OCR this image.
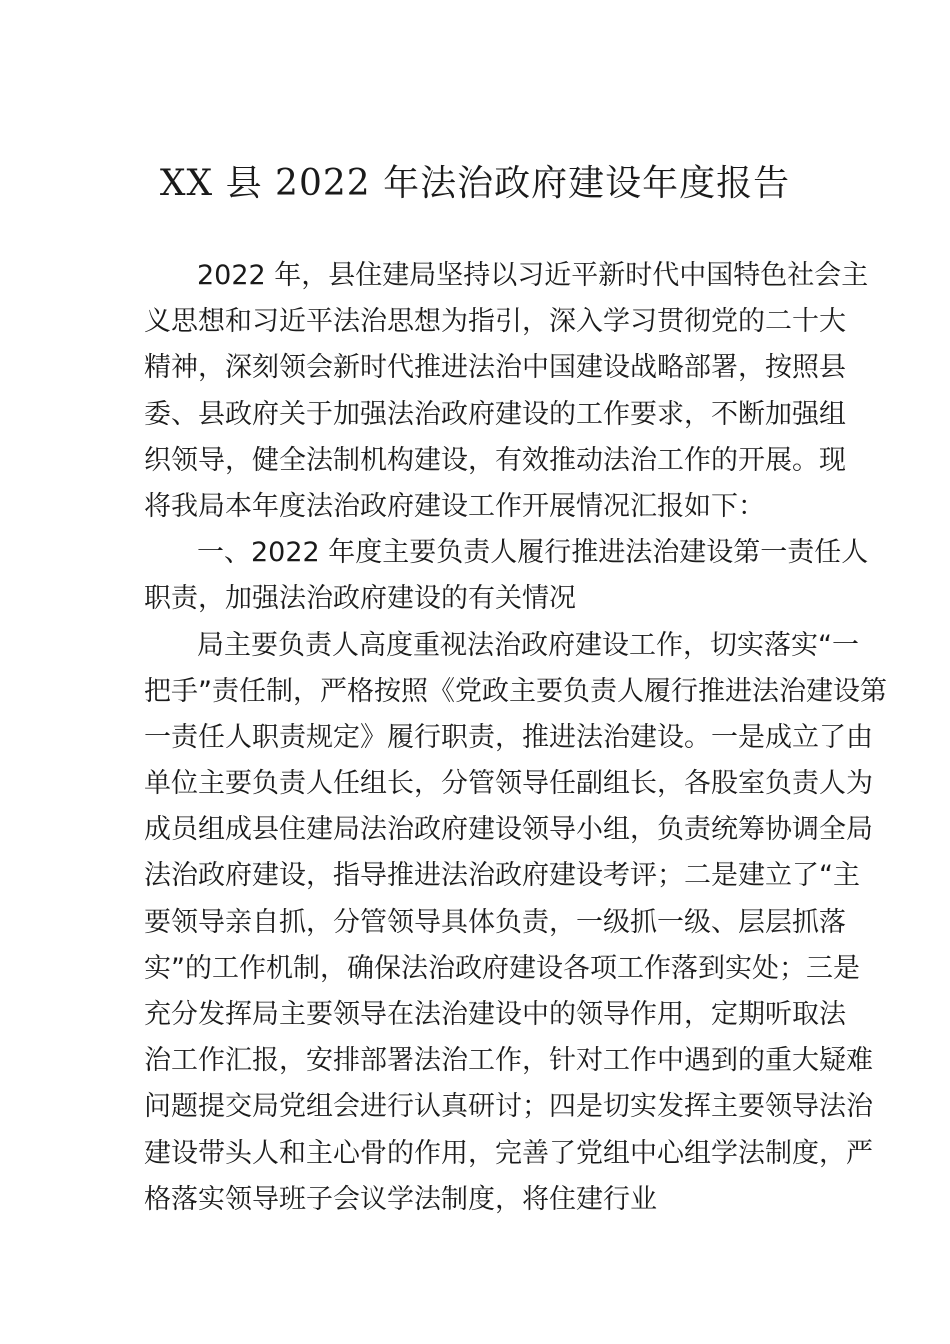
XX 县 2022 年法治政府建设年度报告
2022 年，县住建局坚持以习近平新时代中国特色社会主
义思想和习近平法治思想为指引，深入学习贯彻党的二十大
精神，深刻领会新时代推进法治中国建设战略部署，按照县
委、县政府关于加强法治政府建设的工作要求，不断加强组
织领导，健全法制机构建设，有效推动法治工作的开展。现
将我局本年度法治政府建设工作开展情况汇报如下：
一、2022 年度主要负责人履行推进法治建设第一责任人
职责，加强法治政府建设的有关情况
局主要负责人高度重视法治政府建设工作，切实落实“一
把手”责任制，严格按照《党政主要负责人履行推进法治建设第
一责任人职责规定》履行职责，推进法治建设。一是成立了由
单位主要负责人任组长，分管领导任副组长，各股室负责人为
成员组成县住建局法治政府建设领导小组，负责统筹协调全局
法治政府建设，指导推进法治政府建设考评；二是建立了“主
要领导亲自抓，分管领导具体负责，一级抓一级、层层抓落
实”的工作机制，确保法治政府建设各项工作落到实处；三是
充分发挥局主要领导在法治建设中的领导作用，定期听取法
治工作汇报，安排部署法治工作，针对工作中遇到的重大疑难
问题提交局党组会进行认真研讨；四是切实发挥主要领导法治
建设带头人和主心骨的作用，完善了党组中心组学法制度，严
格落实领导班子会议学法制度，将住建行业
